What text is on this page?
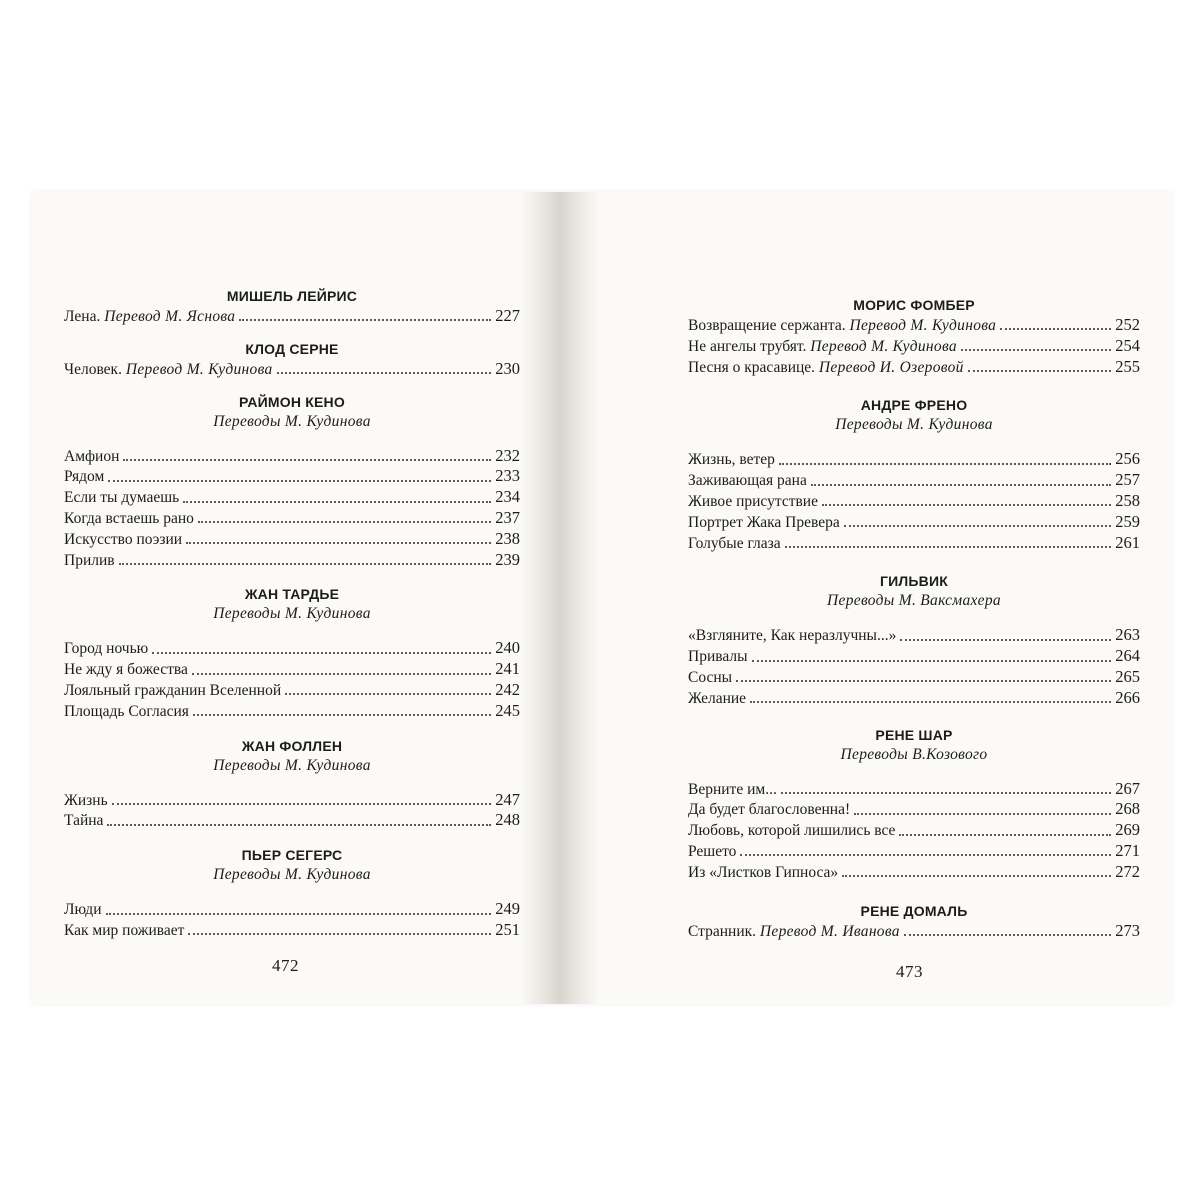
МИШЕЛЬ ЛЕЙРИС
Лена. Перевод М. Яснова	227
КЛОД СЕРНЕ
Человек. Перевод М. Кудинова	230
РАЙМОН КЕНО
Переводы М. Кудинова
Амфион	232
Рядом	233
Если ты думаешь	234
Когда встаешь рано	237
Искусство поэзии	238
Прилив	239
ЖАН ТАРДЬЕ
Переводы М. Кудинова
Город ночью	240
Не жду я божества	241
Лояльный гражданин Вселенной	242
Площадь Согласия	245
ЖАН ФОЛЛЕН
Переводы М. Кудинова
Жизнь	247
Тайна	248
ПЬЕР СЕГЕРС
Переводы М. Кудинова
Люди	249
Как мир поживает	251
МОРИС ФОМБЕР
Возвращение сержанта. Перевод М. Кудинова	252
Не ангелы трубят. Перевод М. Кудинова	254
Песня о красавице. Перевод И. Озеровой	255
АНДРЕ ФРЕНО
Переводы М. Кудинова
Жизнь, ветер	256
Заживающая рана	257
Живое присутствие	258
Портрет Жака Превера	259
Голубые глаза	261
ГИЛЬВИК
Переводы М. Ваксмахера
«Взгляните, Как неразлучны...»	263
Привалы	264
Сосны	265
Желание	266
РЕНЕ ШАР
Переводы В.Козового
Верните им...	267
Да будет благословенна!	268
Любовь, которой лишились все	269
Решето	271
Из «Листков Гипноса»	272
РЕНЕ ДОМАЛЬ
Странник. Перевод М. Иванова	273
472	473
